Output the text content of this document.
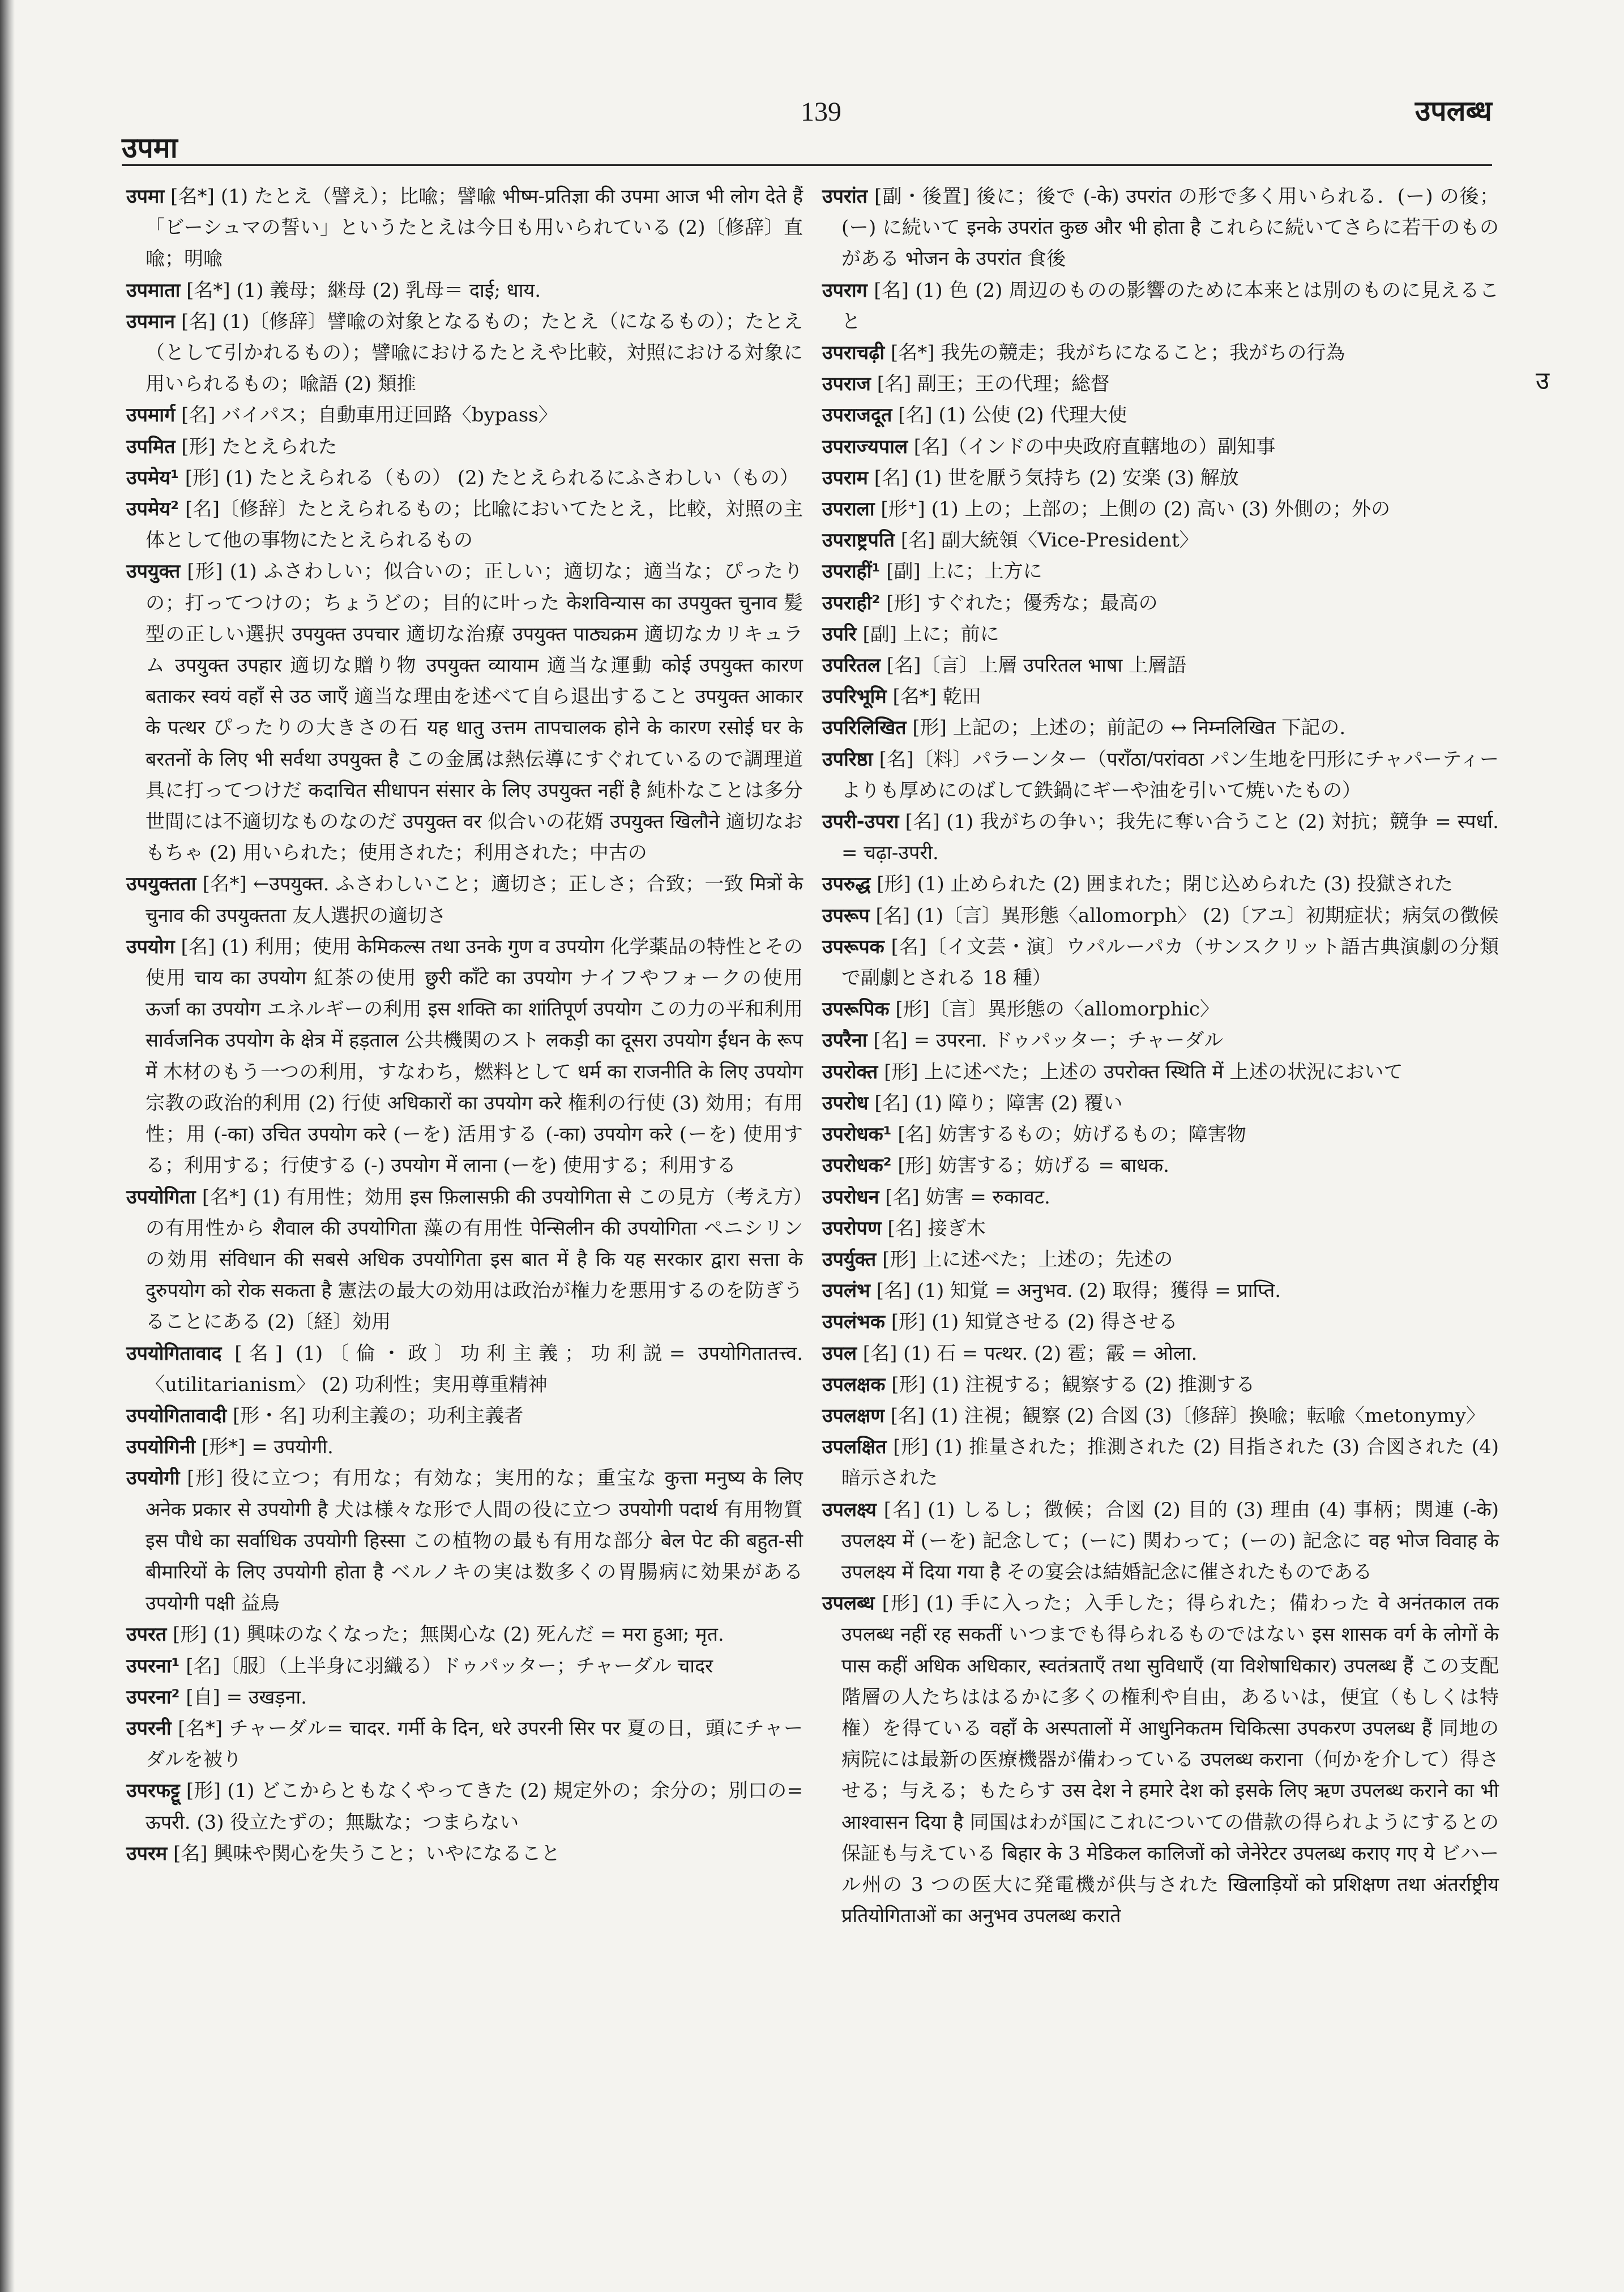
उपमा
139	उपलब्ध
उ

उपमा [名*] (1) たとえ（譬え）；比喩；譬喩 भीष्म-प्रतिज्ञा की उपमा आज भी लोग देते हैं「ビーシュマの誓い」というたとえは今日も用いられている (2)〔修辞〕直喩；明喩

उपमाता [名*] (1) 義母；継母 (2) 乳母＝ दाई; धाय.

उपमान [名] (1)〔修辞〕譬喩の対象となるもの；たとえ（になるもの）；たとえ（として引かれるもの）；譬喩におけるたとえや比較，対照における対象に用いられるもの；喩語 (2) 類推

उपमार्ग [名] バイパス；自動車用迂回路〈bypass〉

उपमित [形] たとえられた

उपमेय¹ [形] (1) たとえられる（もの） (2) たとえられるにふさわしい（もの）

उपमेय² [名]〔修辞〕たとえられるもの；比喩においてたとえ，比較，対照の主体として他の事物にたとえられるもの

उपयुक्त [形] (1) ふさわしい；似合いの；正しい；適切な；適当な；ぴったりの；打ってつけの；ちょうどの；目的に叶った केशविन्यास का उपयुक्त चुनाव 髪型の正しい選択 उपयुक्त उपचार 適切な治療 उपयुक्त पाठ्यक्रम 適切なカリキュラム उपयुक्त उपहार 適切な贈り物 उपयुक्त व्यायाम 適当な運動 कोई उपयुक्त कारण बताकर स्वयं वहाँ से उठ जाएँ 適当な理由を述べて自ら退出すること उपयुक्त आकार के पत्थर ぴったりの大きさの石 यह धातु उत्तम तापचालक होने के कारण रसोई घर के बरतनों के लिए भी सर्वथा उपयुक्त है この金属は熱伝導にすぐれているので調理道具に打ってつけだ कदाचित सीधापन संसार के लिए उपयुक्त नहीं है 純朴なことは多分世間には不適切なものなのだ उपयुक्त वर 似合いの花婿 उपयुक्त खिलौने 適切なおもちゃ (2) 用いられた；使用された；利用された；中古の

उपयुक्तता [名*] ←उपयुक्त. ふさわしいこと；適切さ；正しさ；合致；一致 मित्रों के चुनाव की उपयुक्तता 友人選択の適切さ

उपयोग [名] (1) 利用；使用 केमिकल्स तथा उनके गुण व उपयोग 化学薬品の特性とその使用 चाय का उपयोग 紅茶の使用 छुरी काँटे का उपयोग ナイフやフォークの使用 ऊर्जा का उपयोग エネルギーの利用 इस शक्ति का शांतिपूर्ण उपयोग この力の平和利用 सार्वजनिक उपयोग के क्षेत्र में हड़ताल 公共機関のスト लकड़ी का दूसरा उपयोग ईंधन के रूप में 木材のもう一つの利用，すなわち，燃料として धर्म का राजनीति के लिए उपयोग 宗教の政治的利用 (2) 行使 अधिकारों का उपयोग करे 権利の行使 (3) 効用；有用性；用 (-का) उचित उपयोग करे (ーを) 活用する (-का) उपयोग करे (ーを) 使用する；利用する；行使する (-) उपयोग में लाना (ーを) 使用する；利用する

उपयोगिता [名*] (1) 有用性；効用 इस फ़िलासफ़ी की उपयोगिता से この見方（考え方）の有用性から शैवाल की उपयोगिता 藻の有用性 पेन्सिलीन की उपयोगिता ペニシリンの効用 संविधान की सबसे अधिक उपयोगिता इस बात में है कि यह सरकार द्वारा सत्ता के दुरुपयोग को रोक सकता है 憲法の最大の効用は政治が権力を悪用するのを防ぎうることにある (2)〔経〕効用

उपयोगितावाद [名] (1)〔倫・政〕功利主義；功利説= उपयोगितातत्त्व. 〈utilitarianism〉 (2) 功利性；実用尊重精神

उपयोगितावादी [形・名] 功利主義の；功利主義者

उपयोगिनी [形*] = उपयोगी.

उपयोगी [形] 役に立つ；有用な；有効な；実用的な；重宝な कुत्ता मनुष्य के लिए अनेक प्रकार से उपयोगी है 犬は様々な形で人間の役に立つ उपयोगी पदार्थ 有用物質 इस पौधे का सर्वाधिक उपयोगी हिस्सा この植物の最も有用な部分 बेल पेट की बहुत-सी बीमारियों के लिए उपयोगी होता है ベルノキの実は数多くの胃腸病に効果がある उपयोगी पक्षी 益鳥

उपरत [形] (1) 興味のなくなった；無関心な (2) 死んだ = मरा हुआ; मृत.

उपरना¹ [名]〔服〕（上半身に羽織る）ドゥパッター；チャーダル चादर

उपरना² [自] = उखड़ना.

उपरनी [名*] チャーダル= चादर. गर्मी के दिन, धरे उपरनी सिर पर 夏の日，頭にチャーダルを被り

उपरफट्टू [形] (1) どこからともなくやってきた (2) 規定外の；余分の；別口の= ऊपरी. (3) 役立たずの；無駄な；つまらない

उपरम [名] 興味や関心を失うこと；いやになること

उपरांत [副・後置] 後に；後で (-के) उपरांत の形で多く用いられる．(ー) の後；(ー) に続いて इनके उपरांत कुछ और भी होता है これらに続いてさらに若干のものがある भोजन के उपरांत 食後

उपराग [名] (1) 色 (2) 周辺のものの影響のために本来とは別のものに見えること

उपराचढ़ी [名*] 我先の競走；我がちになること；我がちの行為

उपराज [名] 副王；王の代理；総督

उपराजदूत [名] (1) 公使 (2) 代理大使

उपराज्यपाल [名]（インドの中央政府直轄地の）副知事

उपराम [名] (1) 世を厭う気持ち (2) 安楽 (3) 解放

उपराला [形⁺] (1) 上の；上部の；上側の (2) 高い (3) 外側の；外の

उपराष्ट्रपति [名] 副大統領〈Vice-President〉

उपराहीं¹ [副] 上に；上方に

उपराही² [形] すぐれた；優秀な；最高の

उपरि [副] 上に；前に

उपरितल [名]〔言〕上層 उपरितल भाषा 上層語

उपरिभूमि [名*] 乾田

उपरिलिखित [形] 上記の；上述の；前記の ↔ निम्नलिखित 下記の.

उपरिष्ठा [名]〔料〕パラーンター（पराँठा/परांवठा パン生地を円形にチャパーティーよりも厚めにのばして鉄鍋にギーや油を引いて焼いたもの）

उपरी-उपरा [名] (1) 我がちの争い；我先に奪い合うこと (2) 対抗；競争 = स्पर्धा. = चढ़ा-उपरी.

उपरुद्ध [形] (1) 止められた (2) 囲まれた；閉じ込められた (3) 投獄された

उपरूप [名] (1)〔言〕異形態〈allomorph〉 (2)〔アユ〕初期症状；病気の徴候

उपरूपक [名]〔イ文芸・演〕ウパルーパカ（サンスクリット語古典演劇の分類で副劇とされる 18 種）

उपरूपिक [形]〔言〕異形態の〈allomorphic〉

उपरैना [名] = उपरना. ドゥパッター；チャーダル

उपरोक्त [形] 上に述べた；上述の उपरोक्त स्थिति में 上述の状況において

उपरोध [名] (1) 障り；障害 (2) 覆い

उपरोधक¹ [名] 妨害するもの；妨げるもの；障害物

उपरोधक² [形] 妨害する；妨げる = बाधक.

उपरोधन [名] 妨害 = रुकावट.

उपरोपण [名] 接ぎ木

उपर्युक्त [形] 上に述べた；上述の；先述の

उपलंभ [名] (1) 知覚 = अनुभव. (2) 取得；獲得 = प्राप्ति.

उपलंभक [形] (1) 知覚させる (2) 得させる

उपल [名] (1) 石 = पत्थर. (2) 雹；霰 = ओला.

उपलक्षक [形] (1) 注視する；観察する (2) 推測する

उपलक्षण [名] (1) 注視；観察 (2) 合図 (3)〔修辞〕換喩；転喩〈metonymy〉

उपलक्षित [形] (1) 推量された；推測された (2) 目指された (3) 合図された (4) 暗示された

उपलक्ष्य [名] (1) しるし；徴候；合図 (2) 目的 (3) 理由 (4) 事柄；関連 (-के) उपलक्ष्य में (ーを) 記念して；(ーに) 関わって；(ーの) 記念に वह भोज विवाह के उपलक्ष्य में दिया गया है その宴会は結婚記念に催されたものである

उपलब्ध [形] (1) 手に入った；入手した；得られた；備わった वे अनंतकाल तक उपलब्ध नहीं रह सकतीं いつまでも得られるものではない इस शासक वर्ग के लोगों के पास कहीं अधिक अधिकार, स्वतंत्रताएँ तथा सुविधाएँ (या विशेषाधिकार) उपलब्ध हैं この支配階層の人たちははるかに多くの権利や自由，あるいは，便宜（もしくは特権）を得ている वहाँ के अस्पतालों में आधुनिकतम चिकित्सा उपकरण उपलब्ध हैं 同地の病院には最新の医療機器が備わっている उपलब्ध कराना（何かを介して）得させる；与える；もたらす उस देश ने हमारे देश को इसके लिए ऋण उपलब्ध कराने का भी आश्वासन दिया है 同国はわが国にこれについての借款の得られようにするとの保証も与えている बिहार के 3 मेडिकल कालिजों को जेनेरेटर उपलब्ध कराए गए ये ビハール州の 3 つの医大に発電機が供与された खिलाड़ियों को प्रशिक्षण तथा अंतर्राष्ट्रीय प्रतियोगिताओं का अनुभव उपलब्ध कराते
